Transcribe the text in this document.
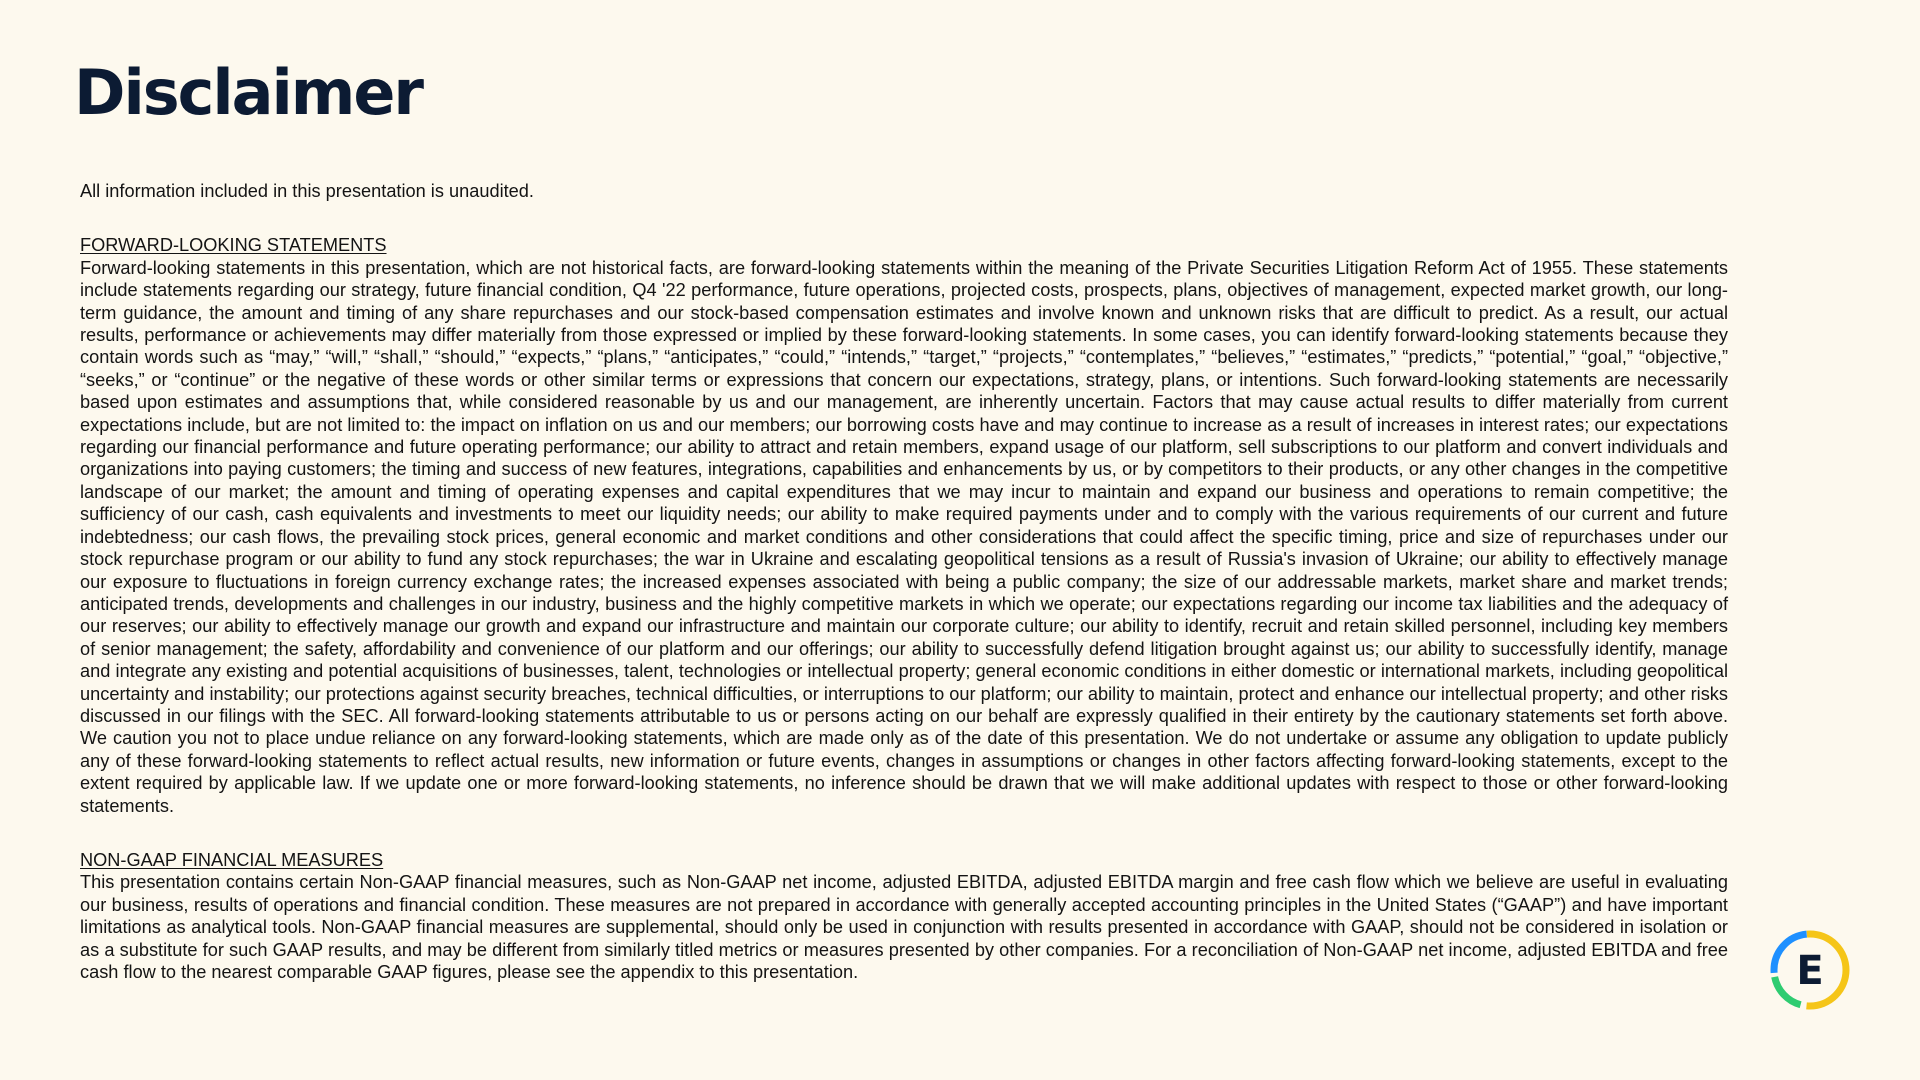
Disclaimer

All information included in this presentation is unaudited.

FORWARD-LOOKING STATEMENTS

Forward-looking statements in this presentation, which are not historical facts, are forward-looking statements within the meaning of the Private Securities Litigation Reform Act of 1955. These statements include statements regarding our strategy, future financial condition, Q4 '22 performance, future operations, projected costs, prospects, plans, objectives of management, expected market growth, our long-term guidance, the amount and timing of any share repurchases and our stock-based compensation estimates and involve known and unknown risks that are difficult to predict. As a result, our actual results, performance or achievements may differ materially from those expressed or implied by these forward-looking statements. In some cases, you can identify forward-looking statements because they contain words such as “may,” “will,” “shall,” “should,” “expects,” “plans,” “anticipates,” “could,” “intends,” “target,” “projects,” “contemplates,” “believes,” “estimates,” “predicts,” “potential,” “goal,” “objective,” “seeks,” or “continue” or the negative of these words or other similar terms or expressions that concern our expectations, strategy, plans, or intentions. Such forward-looking statements are necessarily based upon estimates and assumptions that, while considered reasonable by us and our management, are inherently uncertain. Factors that may cause actual results to differ materially from current expectations include, but are not limited to: the impact on inflation on us and our members; our borrowing costs have and may continue to increase as a result of increases in interest rates; our expectations regarding our financial performance and future operating performance; our ability to attract and retain members, expand usage of our platform, sell subscriptions to our platform and convert individuals and organizations into paying customers; the timing and success of new features, integrations, capabilities and enhancements by us, or by competitors to their products, or any other changes in the competitive landscape of our market; the amount and timing of operating expenses and capital expenditures that we may incur to maintain and expand our business and operations to remain competitive; the sufficiency of our cash, cash equivalents and investments to meet our liquidity needs; our ability to make required payments under and to comply with the various requirements of our current and future indebtedness; our cash flows, the prevailing stock prices, general economic and market conditions and other considerations that could affect the specific timing, price and size of repurchases under our stock repurchase program or our ability to fund any stock repurchases; the war in Ukraine and escalating geopolitical tensions as a result of Russia's invasion of Ukraine; our ability to effectively manage our exposure to fluctuations in foreign currency exchange rates; the increased expenses associated with being a public company; the size of our addressable markets, market share and market trends; anticipated trends, developments and challenges in our industry, business and the highly competitive markets in which we operate; our expectations regarding our income tax liabilities and the adequacy of our reserves; our ability to effectively manage our growth and expand our infrastructure and maintain our corporate culture; our ability to identify, recruit and retain skilled personnel, including key members of senior management; the safety, affordability and convenience of our platform and our offerings; our ability to successfully defend litigation brought against us; our ability to successfully identify, manage and integrate any existing and potential acquisitions of businesses, talent, technologies or intellectual property; general economic conditions in either domestic or international markets, including geopolitical uncertainty and instability; our protections against security breaches, technical difficulties, or interruptions to our platform; our ability to maintain, protect and enhance our intellectual property; and other risks discussed in our filings with the SEC. All forward-looking statements attributable to us or persons acting on our behalf are expressly qualified in their entirety by the cautionary statements set forth above. We caution you not to place undue reliance on any forward-looking statements, which are made only as of the date of this presentation. We do not undertake or assume any obligation to update publicly any of these forward-looking statements to reflect actual results, new information or future events, changes in assumptions or changes in other factors affecting forward-looking statements, except to the extent required by applicable law. If we update one or more forward-looking statements, no inference should be drawn that we will make additional updates with respect to those or other forward-looking statements.

NON-GAAP FINANCIAL MEASURES

This presentation contains certain Non-GAAP financial measures, such as Non-GAAP net income, adjusted EBITDA, adjusted EBITDA margin and free cash flow which we believe are useful in evaluating our business, results of operations and financial condition. These measures are not prepared in accordance with generally accepted accounting principles in the United States (“GAAP”) and have important limitations as analytical tools. Non-GAAP financial measures are supplemental, should only be used in conjunction with results presented in accordance with GAAP, should not be considered in isolation or as a substitute for such GAAP results, and may be different from similarly titled metrics or measures presented by other companies. For a reconciliation of Non-GAAP net income, adjusted EBITDA and free cash flow to the nearest comparable GAAP figures, please see the appendix to this presentation.	E
